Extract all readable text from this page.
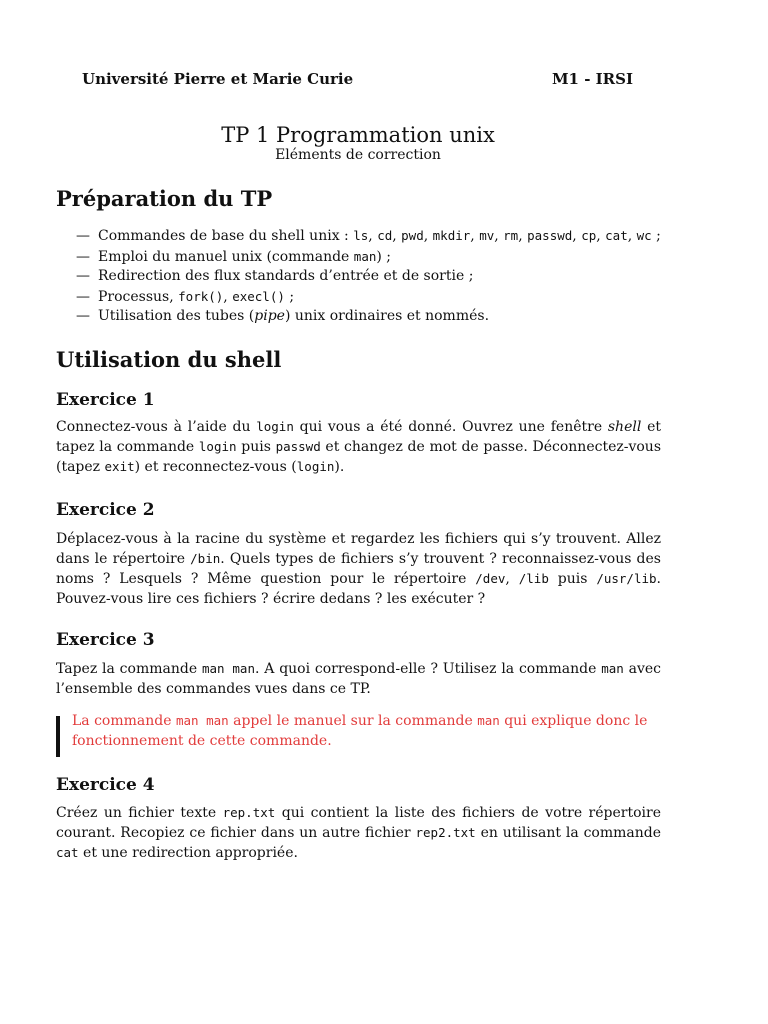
Université Pierre et Marie Curie	M1 - IRSI
TP 1 Programmation unix
Eléments de correction
Préparation du TP
— Commandes de base du shell unix : ls, cd, pwd, mkdir, mv, rm, passwd, cp, cat, wc ;
— Emploi du manuel unix (commande man) ;
— Redirection des flux standards d’entrée et de sortie ;
— Processus, fork(), execl() ;
— Utilisation des tubes (pipe) unix ordinaires et nommés.
Utilisation du shell
Exercice 1
Connectez-vous à l’aide du login qui vous a été donné. Ouvrez une fenêtre shell et tapez la commande login puis passwd et changez de mot de passe. Déconnectez-vous (tapez exit) et reconnectez-vous (login).
Exercice 2
Déplacez-vous à la racine du système et regardez les fichiers qui s’y trouvent. Allez dans le répertoire /bin. Quels types de fichiers s’y trouvent ? reconnaissez-vous des noms ? Lesquels ? Même question pour le répertoire /dev, /lib puis /usr/lib. Pouvez-vous lire ces fichiers ? écrire dedans ? les exécuter ?
Exercice 3
Tapez la commande man man. A quoi correspond-elle ? Utilisez la commande man avec l’ensemble des commandes vues dans ce TP.
La commande man man appel le manuel sur la commande man qui explique donc le fonctionnement de cette commande.
Exercice 4
Créez un fichier texte rep.txt qui contient la liste des fichiers de votre répertoire courant. Recopiez ce fichier dans un autre fichier rep2.txt en utilisant la commande cat et une redirection appropriée.
